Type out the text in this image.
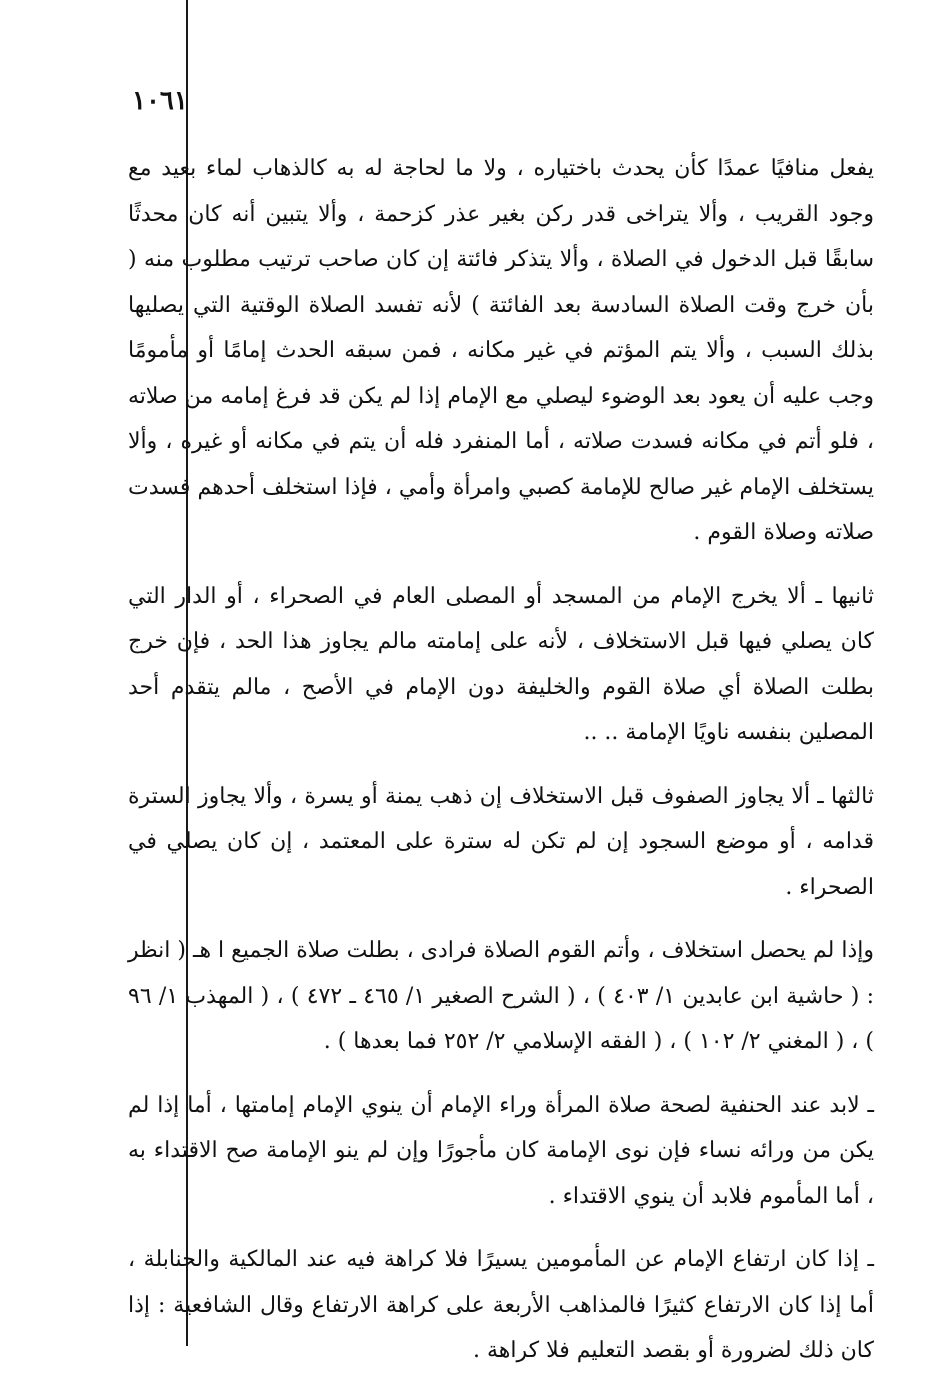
١٠٦١

يفعل منافيًا عمدًا كأن يحدث باختياره ، ولا ما لحاجة له به كالذهاب لماء بعيد مع وجود القريب ، وألا يتراخى قدر ركن بغير عذر كزحمة ، وألا يتبين أنه كان محدثًا سابقًا قبل الدخول في الصلاة ، وألا يتذكر فائتة إن كان صاحب ترتيب مطلوب منه ( بأن خرج وقت الصلاة السادسة بعد الفائتة ) لأنه تفسد الصلاة الوقتية التي يصليها بذلك السبب ، وألا يتم المؤتم في غير مكانه ، فمن سبقه الحدث إمامًا أو مأمومًا وجب عليه أن يعود بعد الوضوء ليصلي مع الإمام إذا لم يكن قد فرغ إمامه من صلاته ، فلو أتم في مكانه فسدت صلاته ، أما المنفرد فله أن يتم في مكانه أو غيره ، وألا يستخلف الإمام غير صالح للإمامة كصبي وامرأة وأمي ، فإذا استخلف أحدهم فسدت صلاته وصلاة القوم .

ثانيها ـ ألا يخرج الإمام من المسجد أو المصلى العام في الصحراء ، أو الدار التي كان يصلي فيها قبل الاستخلاف ، لأنه على إمامته مالم يجاوز هذا الحد ، فإن خرج بطلت الصلاة أي صلاة القوم والخليفة دون الإمام في الأصح ، مالم يتقدم أحد المصلين بنفسه ناويًا الإمامة .. ..

ثالثها ـ ألا يجاوز الصفوف قبل الاستخلاف إن ذهب يمنة أو يسرة ، وألا يجاوز السترة قدامه ، أو موضع السجود إن لم تكن له سترة على المعتمد ، إن كان يصلي في الصحراء .

وإذا لم يحصل استخلاف ، وأتم القوم الصلاة فرادى ، بطلت صلاة الجميع ا هـ ( انظر : ( حاشية ابن عابدين ١/ ٤٠٣ ) ، ( الشرح الصغير ١/ ٤٦٥ ـ ٤٧٢ ) ، ( المهذب ١/ ٩٦ ) ، ( المغني ٢/ ١٠٢ ) ، ( الفقه الإسلامي ٢/ ٢٥٢ فما بعدها ) .

ـ لابد عند الحنفية لصحة صلاة المرأة وراء الإمام أن ينوي الإمام إمامتها ، أما إذا لم يكن من ورائه نساء فإن نوى الإمامة كان مأجورًا وإن لم ينو الإمامة صح الاقتداء به ، أما المأموم فلابد أن ينوي الاقتداء .

ـ إذا كان ارتفاع الإمام عن المأمومين يسيرًا فلا كراهة فيه عند المالكية والحنابلة ، أما إذا كان الارتفاع كثيرًا فالمذاهب الأربعة على كراهة الارتفاع وقال الشافعية : إذا كان ذلك لضرورة أو بقصد التعليم فلا كراهة .
